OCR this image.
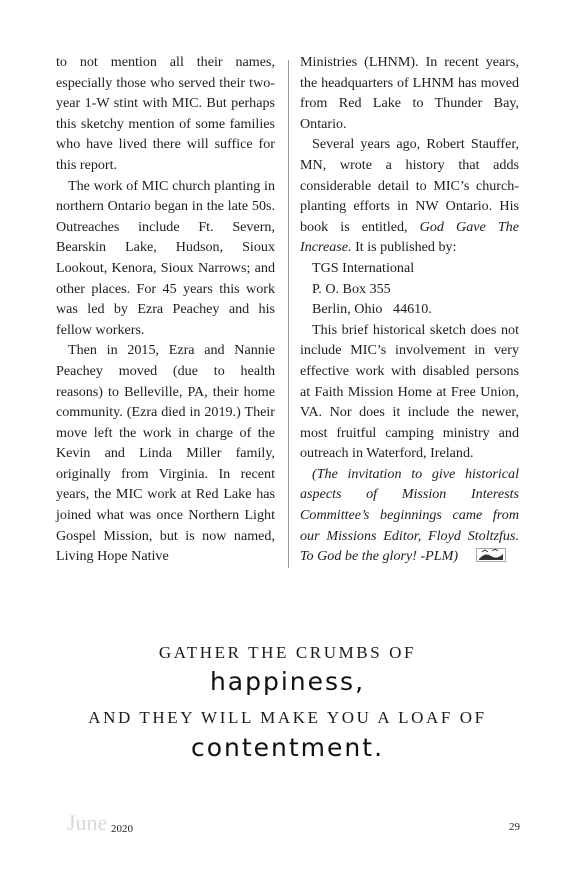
to not mention all their names, especially those who served their two-year 1-W stint with MIC. But perhaps this sketchy mention of some families who have lived there will suffice for this report.

The work of MIC church planting in northern Ontario began in the late 50s. Outreaches include Ft. Severn, Bearskin Lake, Hudson, Sioux Lookout, Kenora, Sioux Narrows; and other places. For 45 years this work was led by Ezra Peachey and his fellow workers.

Then in 2015, Ezra and Nannie Peachey moved (due to health reasons) to Belleville, PA, their home community. (Ezra died in 2019.) Their move left the work in charge of the Kevin and Linda Miller family, originally from Virginia. In recent years, the MIC work at Red Lake has joined what was once Northern Light Gospel Mission, but is now named, Living Hope Native

Ministries (LHNM). In recent years, the headquarters of LHNM has moved from Red Lake to Thunder Bay, Ontario.

Several years ago, Robert Stauffer, MN, wrote a history that adds considerable detail to MIC’s church-planting efforts in NW Ontario. His book is entitled, God Gave The Increase. It is published by:

TGS International

P. O. Box 355

Berlin, Ohio   44610.

This brief historical sketch does not include MIC’s involvement in very effective work with disabled persons at Faith Mission Home at Free Union, VA. Nor does it include the newer, most fruitful camping ministry and outreach in Waterford, Ireland.

(The invitation to give historical aspects of Mission Interests Committee’s beginnings came from our Missions Editor, Floyd Stoltzfus. To God be the glory! -PLM)

GATHER THE CRUMBS OF
happiness,
AND THEY WILL MAKE YOU A LOAF OF
contentment.
June 2020	29
